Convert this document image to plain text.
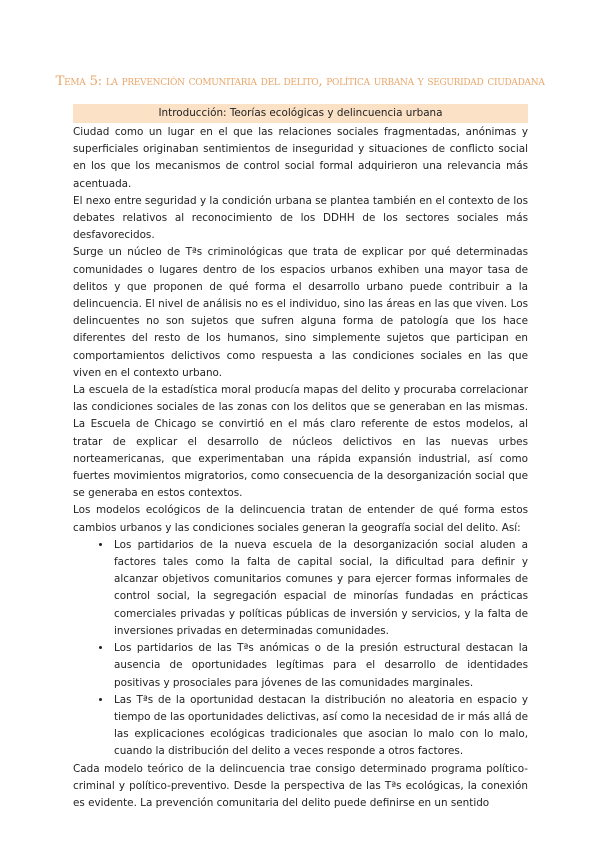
Tema 5: la prevención comunitaria del delito, política urbana y seguridad ciudadana
Introducción: Teorías ecológicas y delincuencia urbana

Ciudad como un lugar en el que las relaciones sociales fragmentadas, anónimas y superficiales originaban sentimientos de inseguridad y situaciones de conflicto social en los que los mecanismos de control social formal adquirieron una relevancia más acentuada.

El nexo entre seguridad y la condición urbana se plantea también en el contexto de los debates relativos al reconocimiento de los DDHH de los sectores sociales más desfavorecidos.

Surge un núcleo de Tªs criminológicas que trata de explicar por qué determinadas comunidades o lugares dentro de los espacios urbanos exhiben una mayor tasa de delitos y que proponen de qué forma el desarrollo urbano puede contribuir a la delincuencia. El nivel de análisis no es el individuo, sino las áreas en las que viven. Los delincuentes no son sujetos que sufren alguna forma de patología que los hace diferentes del resto de los humanos, sino simplemente sujetos que participan en comportamientos delictivos como respuesta a las condiciones sociales en las que viven en el contexto urbano.

La escuela de la estadística moral producía mapas del delito y procuraba correlacionar las condiciones sociales de las zonas con los delitos que se generaban en las mismas. La Escuela de Chicago se convirtió en el más claro referente de estos modelos, al tratar de explicar el desarrollo de núcleos delictivos en las nuevas urbes norteamericanas, que experimentaban una rápida expansión industrial, así como fuertes movimientos migratorios, como consecuencia de la desorganización social que se generaba en estos contextos.

Los modelos ecológicos de la delincuencia tratan de entender de qué forma estos cambios urbanos y las condiciones sociales generan la geografía social del delito. Así:

• Los partidarios de la nueva escuela de la desorganización social aluden a factores tales como la falta de capital social, la dificultad para definir y alcanzar objetivos comunitarios comunes y para ejercer formas informales de control social, la segregación espacial de minorías fundadas en prácticas comerciales privadas y políticas públicas de inversión y servicios, y la falta de inversiones privadas en determinadas comunidades.
• Los partidarios de las Tªs anómicas o de la presión estructural destacan la ausencia de oportunidades legítimas para el desarrollo de identidades positivas y prosociales para jóvenes de las comunidades marginales.
• Las Tªs de la oportunidad destacan la distribución no aleatoria en espacio y tiempo de las oportunidades delictivas, así como la necesidad de ir más allá de las explicaciones ecológicas tradicionales que asocian lo malo con lo malo, cuando la distribución del delito a veces responde a otros factores.

Cada modelo teórico de la delincuencia trae consigo determinado programa político-criminal y político-preventivo. Desde la perspectiva de las Tªs ecológicas, la conexión es evidente. La prevención comunitaria del delito puede definirse en un sentido
